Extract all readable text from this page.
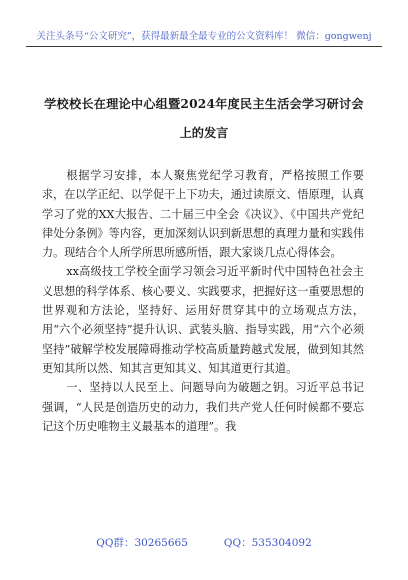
关注头条号“公文研究”，获得最新最全最专业的公文资料库！ 微信：gongwenj
学校校长在理论中心组暨2024年度民主生活会学习研讨会
上的发言

根据学习安排，本人聚焦党纪学习教育，严格按照工作要求，在以学正纪、以学促干上下功夫，通过读原文、悟原理，认真学习了党的XX大报告、二十届三中全会《决议》、《中国共产党纪律处分条例》等内容，更加深刻认识到新思想的真理力量和实践伟力。现结合个人所学所思所感所悟，跟大家谈几点心得体会。

xx高级技工学校全面学习领会习近平新时代中国特色社会主义思想的科学体系、核心要义、实践要求，把握好这一重要思想的世界观和方法论，坚持好、运用好贯穿其中的立场观点方法，用“六个必须坚持”提升认识、武装头脑、指导实践，用“六个必须坚持”破解学校发展障碍推动学校高质量跨越式发展，做到知其然更知其所以然、知其言更知其义、知其道更行其道。

一、坚持以人民至上、问题导向为破题之钥。习近平总书记强调，“人民是创造历史的动力，我们共产党人任何时候都不要忘记这个历史唯物主义最基本的道理”。我

QQ群：30265665	QQ：535304092
